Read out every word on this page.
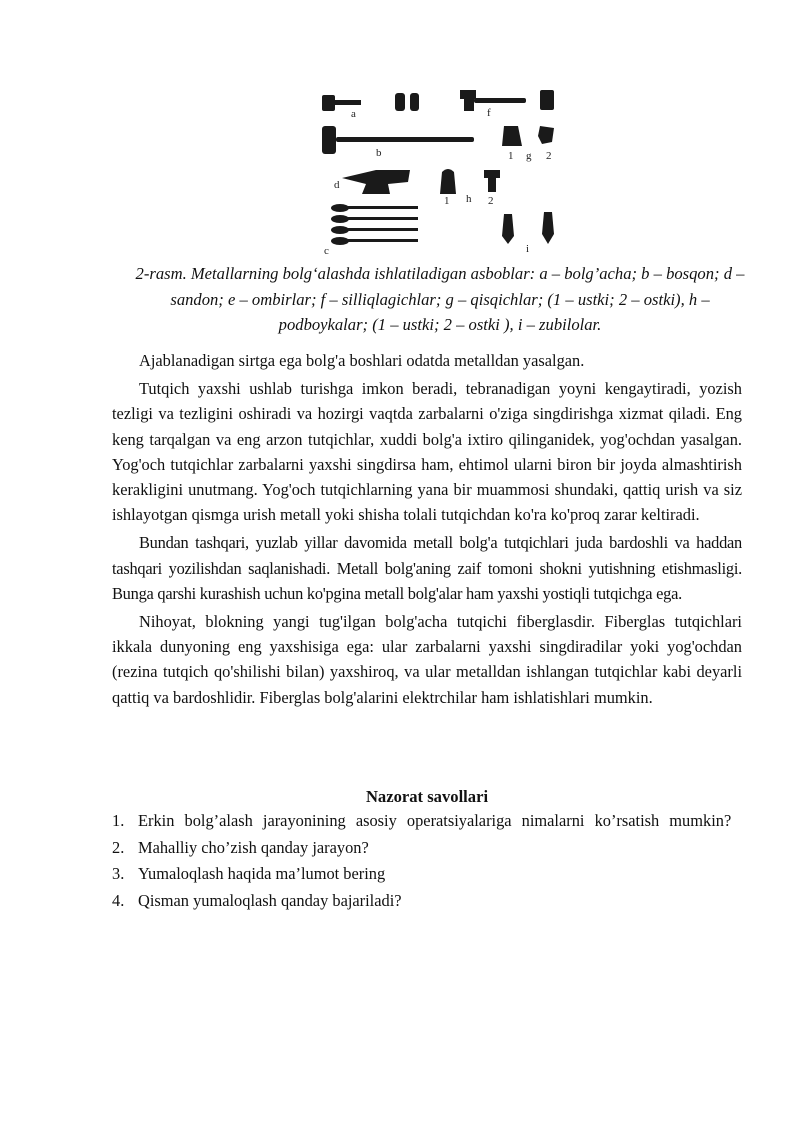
a	f
b	1 g 2
d
1 h 2
c	i
2-rasm. Metallarning bolg‘alashda ishlatiladigan asboblar: a – bolg’acha; b – bosqon; d – sandon; e – ombirlar; f – silliqlagichlar; g – qisqichlar; (1 – ustki; 2 – ostki), h – podboykalar; (1 – ustki; 2 – ostki ), i – zubilolar.

Ajablanadigan sirtga ega bolg'a boshlari odatda metalldan yasalgan.

Tutqich yaxshi ushlab turishga imkon beradi, tebranadigan yoyni kengaytiradi, yozish tezligi va tezligini oshiradi va hozirgi vaqtda zarbalarni o'ziga singdirishga xizmat qiladi. Eng keng tarqalgan va eng arzon tutqichlar, xuddi bolg'a ixtiro qilinganidek, yog'ochdan yasalgan. Yog'och tutqichlar zarbalarni yaxshi singdirsa ham, ehtimol ularni biron bir joyda almashtirish kerakligini unutmang. Yog'och tutqichlarning yana bir muammosi shundaki, qattiq urish va siz ishlayotgan qismga urish metall yoki shisha tolali tutqichdan ko'ra ko'proq zarar keltiradi.

Bundan tashqari, yuzlab yillar davomida metall bolg'a tutqichlari juda bardoshli va haddan tashqari yozilishdan saqlanishadi. Metall bolg'aning zaif tomoni shokni yutishning etishmasligi. Bunga qarshi kurashish uchun ko'pgina metall bolg'alar ham yaxshi yostiqli tutqichga ega.

Nihoyat, blokning yangi tug'ilgan bolg'acha tutqichi fiberglasdir. Fiberglas tutqichlari ikkala dunyoning eng yaxshisiga ega: ular zarbalarni yaxshi singdiradilar yoki yog'ochdan (rezina tutqich qo'shilishi bilan) yaxshiroq, va ular metalldan ishlangan tutqichlar kabi deyarli qattiq va bardoshlidir. Fiberglas bolg'alarini elektrchilar ham ishlatishlari mumkin.

Nazorat savollari
1. Erkin bolg’alash jarayonining asosiy operatsiyalariga nimalarni ko’rsatish mumkin?
2. Mahalliy cho’zish qanday jarayon?
3. Yumaloqlash haqida ma’lumot bering
4. Qisman yumaloqlash qanday bajariladi?
